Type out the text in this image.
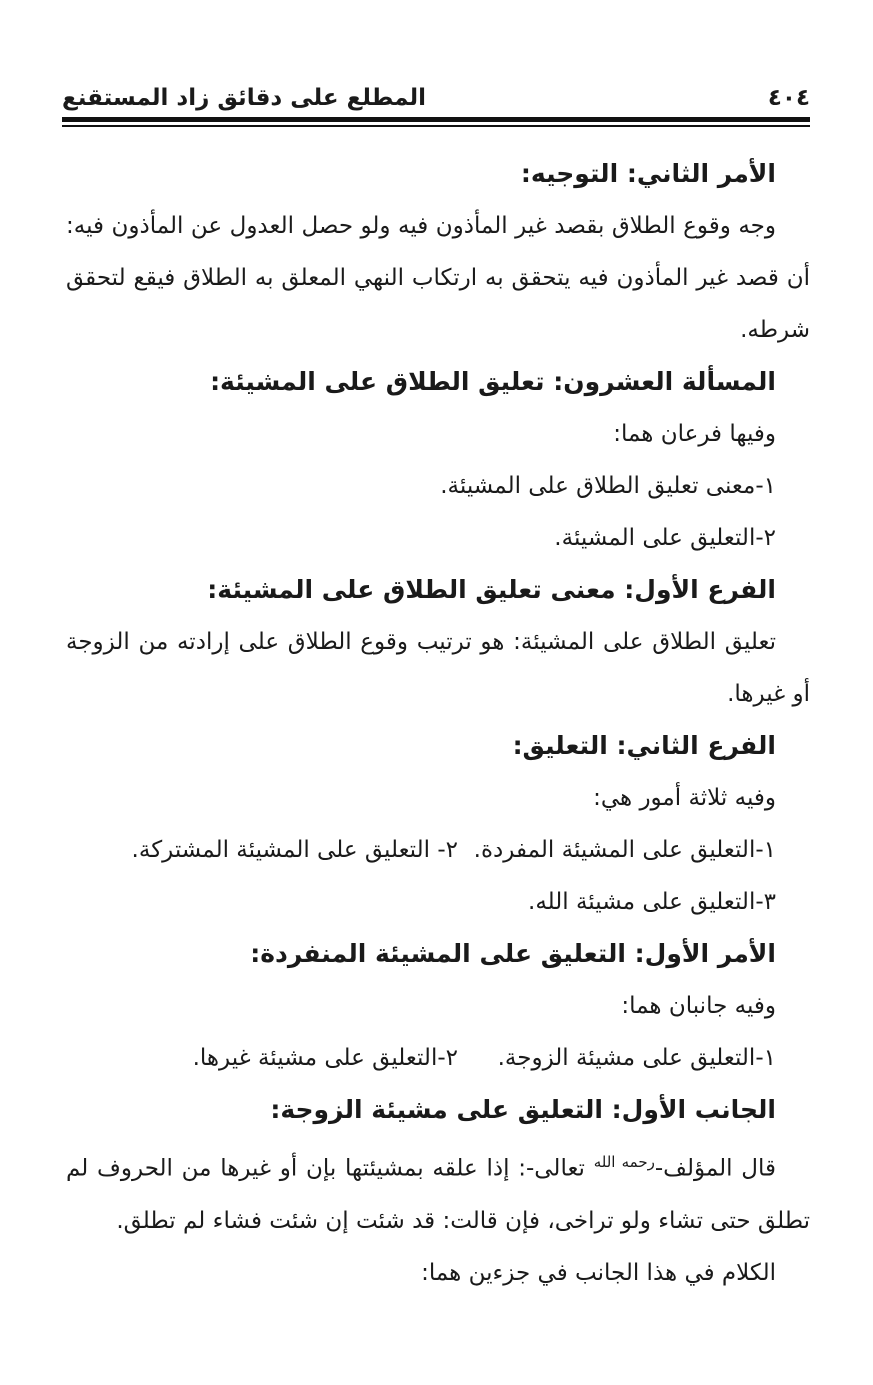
٤٠٤
المطلع على دقائق زاد المستقنع
الأمر الثاني: التوجيه:

وجه وقوع الطلاق بقصد غير المأذون فيه ولو حصل العدول عن المأذون فيه: أن قصد غير المأذون فيه يتحقق به ارتكاب النهي المعلق به الطلاق فيقع لتحقق شرطه.

المسألة العشرون: تعليق الطلاق على المشيئة:
وفيها فرعان هما:
١-معنى تعليق الطلاق على المشيئة.
٢-التعليق على المشيئة.
الفرع الأول: معنى تعليق الطلاق على المشيئة:

تعليق الطلاق على المشيئة: هو ترتيب وقوع الطلاق على إرادته من الزوجة أو غيرها.

الفرع الثاني: التعليق:
وفيه ثلاثة أمور هي:
١-التعليق على المشيئة المفردة.
٢- التعليق على المشيئة المشتركة.
٣-التعليق على مشيئة الله.
الأمر الأول: التعليق على المشيئة المنفردة:
وفيه جانبان هما:
١-التعليق على مشيئة الزوجة.
٢-التعليق على مشيئة غيرها.
الجانب الأول: التعليق على مشيئة الزوجة:

قال المؤلف-$^{رحمه الله}$ تعالى-: إذا علقه بمشيئتها بإن أو غيرها من الحروف لم تطلق حتى تشاء ولو تراخى، فإن قالت: قد شئت إن شئت فشاء لم تطلق.

الكلام في هذا الجانب في جزءين هما:
